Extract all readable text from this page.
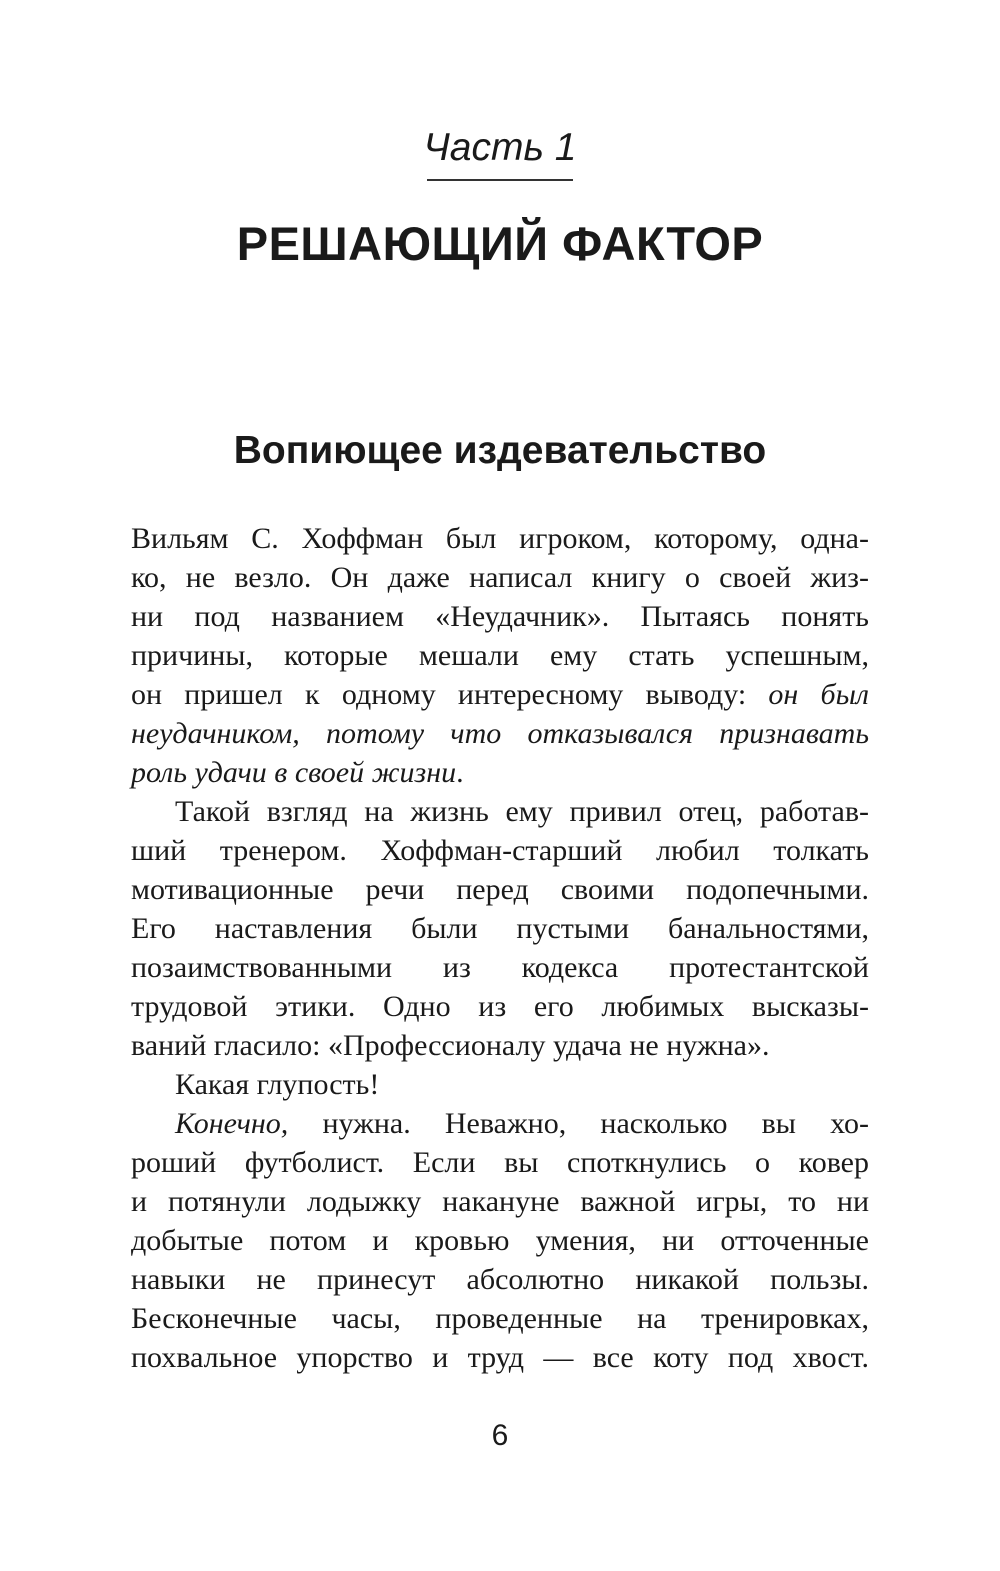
Часть 1
РЕШАЮЩИЙ ФАКТОР
Вопиющее издевательство
Вильям С. Хоффман был игроком, которому, одна-
ко, не везло. Он даже написал книгу о своей жиз-
ни под названием «Неудачник». Пытаясь понять
причины, которые мешали ему стать успешным,
он пришел к одному интересному выводу: он был
неудачником, потому что отказывался признавать
роль удачи в своей жизни.
Такой взгляд на жизнь ему привил отец, работав-
ший тренером. Хоффман-старший любил толкать
мотивационные речи перед своими подопечными.
Его наставления были пустыми банальностями,
позаимствованными из кодекса протестантской
трудовой этики. Одно из его любимых высказы-
ваний гласило: «Профессионалу удача не нужна».
Какая глупость!
Конечно, нужна. Неважно, насколько вы хо-
роший футболист. Если вы споткнулись о ковер
и потянули лодыжку накануне важной игры, то ни
добытые потом и кровью умения, ни отточенные
навыки не принесут абсолютно никакой пользы.
Бесконечные часы, проведенные на тренировках,
похвальное упорство и труд — все коту под хвост.
6
